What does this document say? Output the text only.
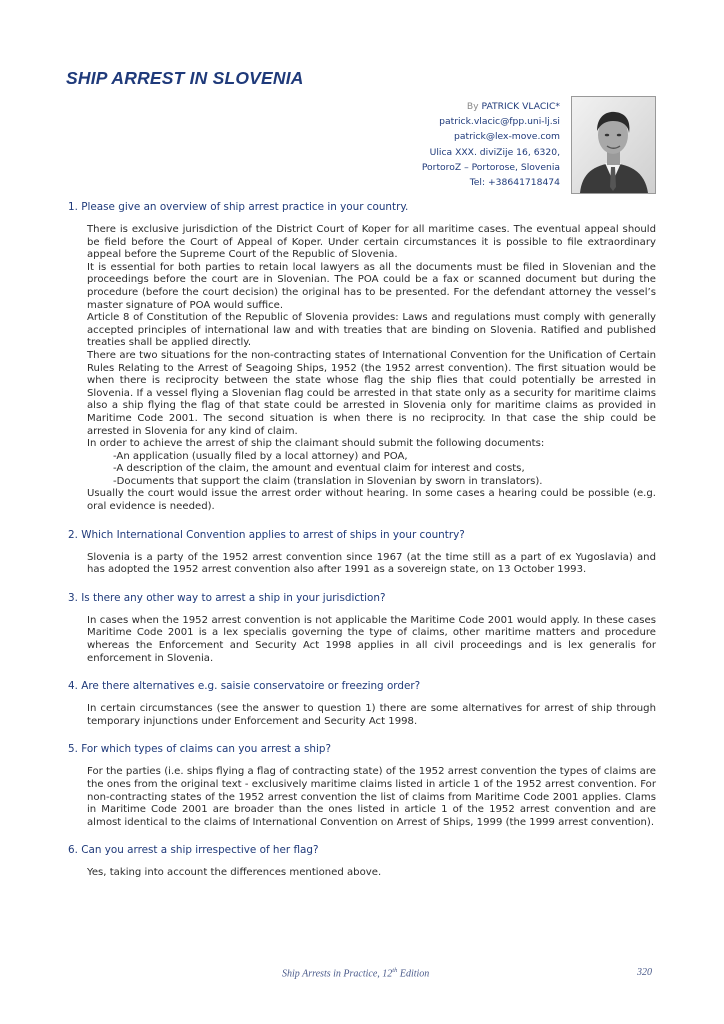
SHIP ARREST IN SLOVENIA
By PATRICK VLACIC*
patrick.vlacic@fpp.uni-lj.si
patrick@lex-move.com
Ulica XXX. diviZije 16, 6320,
PortoroZ – Portorose, Slovenia
Tel: +38641718474
1. Please give an overview of ship arrest practice in your country.

There is exclusive jurisdiction of the District Court of Koper for all maritime cases. The eventual appeal should be field before the Court of Appeal of Koper. Under certain circumstances it is possible to file extraordinary appeal before the Supreme Court of the Republic of Slovenia.

It is essential for both parties to retain local lawyers as all the documents must be filed in Slovenian and the proceedings before the court are in Slovenian. The POA could be a fax or scanned document but during the procedure (before the court decision) the original has to be presented. For the defendant attorney the vessel’s master signature of POA would suffice.

Article 8 of Constitution of the Republic of Slovenia provides: Laws and regulations must comply with generally accepted principles of international law and with treaties that are binding on Slovenia. Ratified and published treaties shall be applied directly.

There are two situations for the non-contracting states of International Convention for the Unification of Certain Rules Relating to the Arrest of Seagoing Ships, 1952 (the 1952 arrest convention). The first situation would be when there is reciprocity between the state whose flag the ship flies that could potentially be arrested in Slovenia. If a vessel flying a Slovenian flag could be arrested in that state only as a security for maritime claims also a ship flying the flag of that state could be arrested in Slovenia only for maritime claims as provided in Maritime Code 2001. The second situation is when there is no reciprocity. In that case the ship could be arrested in Slovenia for any kind of claim.

In order to achieve the arrest of ship the claimant should submit the following documents:

-An application (usually filed by a local attorney) and POA,
-A description of the claim, the amount and eventual claim for interest and costs,
-Documents that support the claim (translation in Slovenian by sworn in translators).

Usually the court would issue the arrest order without hearing. In some cases a hearing could be possible (e.g. oral evidence is needed).

2. Which International Convention applies to arrest of ships in your country?

Slovenia is a party of the 1952 arrest convention since 1967 (at the time still as a part of ex Yugoslavia) and has adopted the 1952 arrest convention also after 1991 as a sovereign state, on 13 October 1993.

3. Is there any other way to arrest a ship in your jurisdiction?

In cases when the 1952 arrest convention is not applicable the Maritime Code 2001 would apply. In these cases Maritime Code 2001 is a lex specialis governing the type of claims, other maritime matters and procedure whereas the Enforcement and Security Act 1998 applies in all civil proceedings and is lex generalis for enforcement in Slovenia.

4. Are there alternatives e.g. saisie conservatoire or freezing order?

In certain circumstances (see the answer to question 1) there are some alternatives for arrest of ship through temporary injunctions under Enforcement and Security Act 1998.

5. For which types of claims can you arrest a ship?

For the parties (i.e. ships flying a flag of contracting state) of the 1952 arrest convention the types of claims are the ones from the original text - exclusively maritime claims listed in article 1 of the 1952 arrest convention. For non-contracting states of the 1952 arrest convention the list of claims from Maritime Code 2001 applies. Clams in Maritime Code 2001 are broader than the ones listed in article 1 of the 1952 arrest convention and are almost identical to the claims of International Convention on Arrest of Ships, 1999 (the 1999 arrest convention).

6. Can you arrest a ship irrespective of her flag?

Yes, taking into account the differences mentioned above.

Ship Arrests in Practice, 12th Edition	320
